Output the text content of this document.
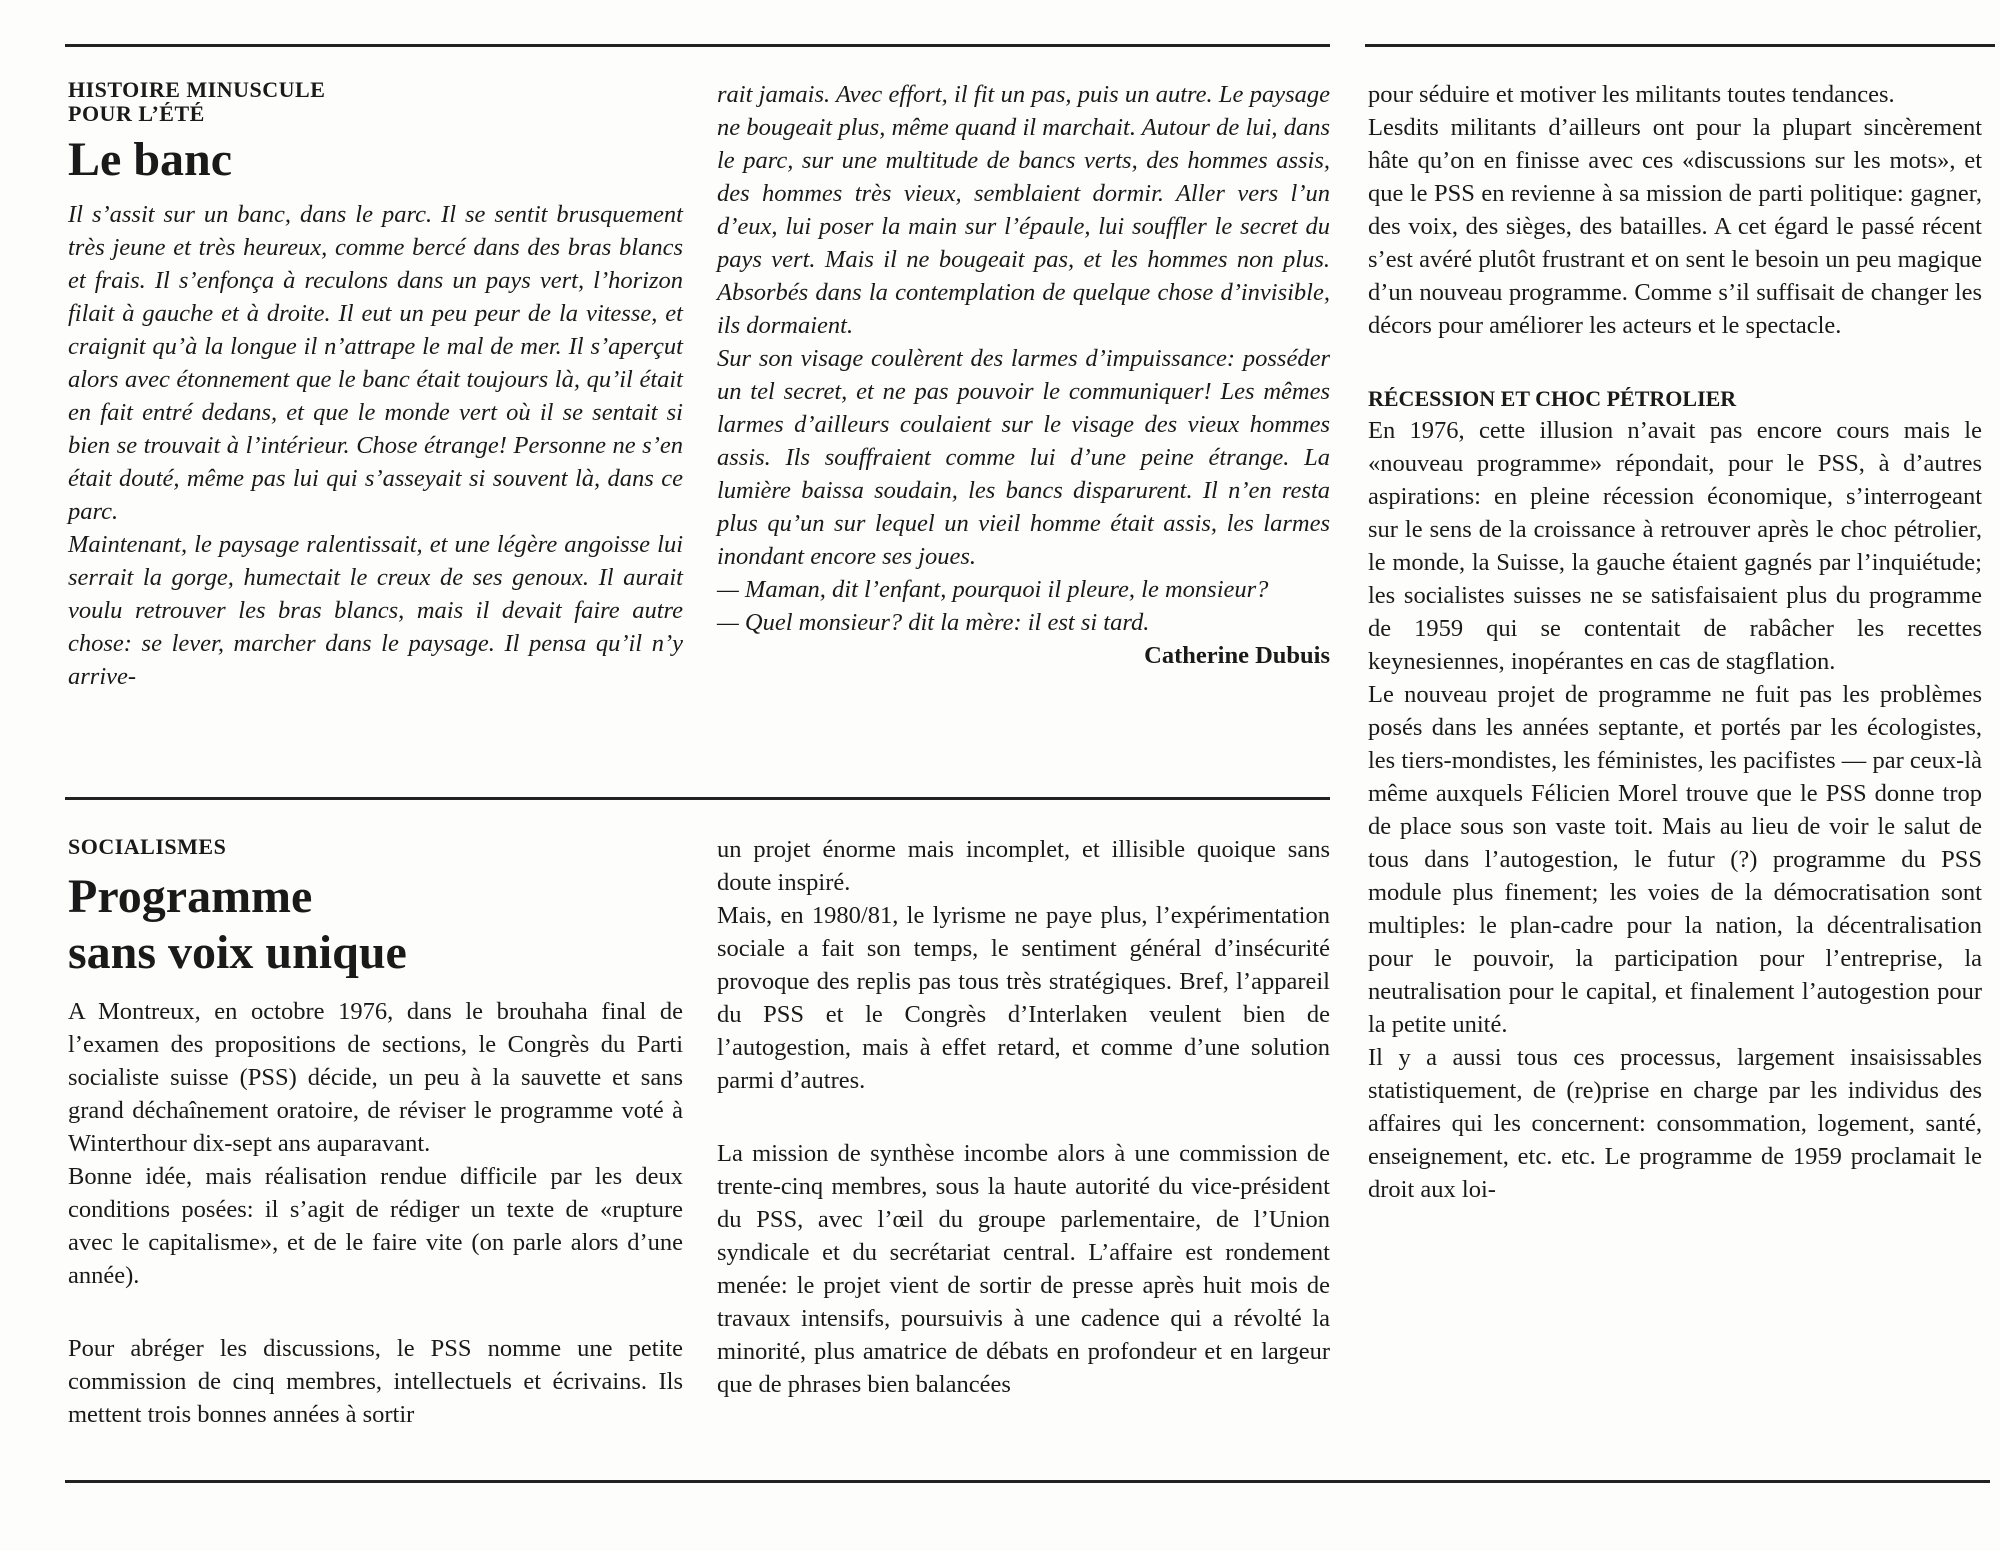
HISTOIRE MINUSCULE
POUR L’ÉTÉ
Le banc

Il s’assit sur un banc, dans le parc. Il se sentit brusquement très jeune et très heureux, comme bercé dans des bras blancs et frais. Il s’enfonça à reculons dans un pays vert, l’horizon filait à gauche et à droite. Il eut un peu peur de la vitesse, et craignit qu’à la longue il n’attrape le mal de mer. Il s’aperçut alors avec étonnement que le banc était toujours là, qu’il était en fait entré dedans, et que le monde vert où il se sentait si bien se trouvait à l’intérieur. Chose étrange! Personne ne s’en était douté, même pas lui qui s’asseyait si souvent là, dans ce parc.

Maintenant, le paysage ralentissait, et une légère angoisse lui serrait la gorge, humectait le creux de ses genoux. Il aurait voulu retrouver les bras blancs, mais il devait faire autre chose: se lever, marcher dans le paysage. Il pensa qu’il n’y arrive-

rait jamais. Avec effort, il fit un pas, puis un autre. Le paysage ne bougeait plus, même quand il marchait. Autour de lui, dans le parc, sur une multitude de bancs verts, des hommes assis, des hommes très vieux, semblaient dormir. Aller vers l’un d’eux, lui poser la main sur l’épaule, lui souffler le secret du pays vert. Mais il ne bougeait pas, et les hommes non plus. Absorbés dans la contemplation de quelque chose d’invisible, ils dormaient.

Sur son visage coulèrent des larmes d’impuissance: posséder un tel secret, et ne pas pouvoir le communiquer! Les mêmes larmes d’ailleurs coulaient sur le visage des vieux hommes assis. Ils souffraient comme lui d’une peine étrange. La lumière baissa soudain, les bancs disparurent. Il n’en resta plus qu’un sur lequel un vieil homme était assis, les larmes inondant encore ses joues.

— Maman, dit l’enfant, pourquoi il pleure, le monsieur?

— Quel monsieur? dit la mère: il est si tard.

Catherine Dubuis

SOCIALISMES
Programme
sans voix unique

A Montreux, en octobre 1976, dans le brouhaha final de l’examen des propositions de sections, le Congrès du Parti socialiste suisse (PSS) décide, un peu à la sauvette et sans grand déchaînement oratoire, de réviser le programme voté à Winterthour dix-sept ans auparavant.

Bonne idée, mais réalisation rendue difficile par les deux conditions posées: il s’agit de rédiger un texte de «rupture avec le capitalisme», et de le faire vite (on parle alors d’une année).

Pour abréger les discussions, le PSS nomme une petite commission de cinq membres, intellectuels et écrivains. Ils mettent trois bonnes années à sortir

un projet énorme mais incomplet, et illisible quoique sans doute inspiré.

Mais, en 1980/81, le lyrisme ne paye plus, l’expérimentation sociale a fait son temps, le sentiment général d’insécurité provoque des replis pas tous très stratégiques. Bref, l’appareil du PSS et le Congrès d’Interlaken veulent bien de l’autogestion, mais à effet retard, et comme d’une solution parmi d’autres.

La mission de synthèse incombe alors à une commission de trente-cinq membres, sous la haute autorité du vice-président du PSS, avec l’œil du groupe parlementaire, de l’Union syndicale et du secrétariat central. L’affaire est rondement menée: le projet vient de sortir de presse après huit mois de travaux intensifs, poursuivis à une cadence qui a révolté la minorité, plus amatrice de débats en profondeur et en largeur que de phrases bien balancées

pour séduire et motiver les militants toutes tendances.

Lesdits militants d’ailleurs ont pour la plupart sincèrement hâte qu’on en finisse avec ces «discussions sur les mots», et que le PSS en revienne à sa mission de parti politique: gagner, des voix, des sièges, des batailles. A cet égard le passé récent s’est avéré plutôt frustrant et on sent le besoin un peu magique d’un nouveau programme. Comme s’il suffisait de changer les décors pour améliorer les acteurs et le spectacle.

RÉCESSION ET CHOC PÉTROLIER

En 1976, cette illusion n’avait pas encore cours mais le «nouveau programme» répondait, pour le PSS, à d’autres aspirations: en pleine récession économique, s’interrogeant sur le sens de la croissance à retrouver après le choc pétrolier, le monde, la Suisse, la gauche étaient gagnés par l’inquiétude; les socialistes suisses ne se satisfaisaient plus du programme de 1959 qui se contentait de rabâcher les recettes keynesiennes, inopérantes en cas de stagflation.

Le nouveau projet de programme ne fuit pas les problèmes posés dans les années septante, et portés par les écologistes, les tiers-mondistes, les féministes, les pacifistes — par ceux-là même auxquels Félicien Morel trouve que le PSS donne trop de place sous son vaste toit. Mais au lieu de voir le salut de tous dans l’autogestion, le futur (?) programme du PSS module plus finement; les voies de la démocratisation sont multiples: le plan-cadre pour la nation, la décentralisation pour le pouvoir, la participation pour l’entreprise, la neutralisation pour le capital, et finalement l’autogestion pour la petite unité.

Il y a aussi tous ces processus, largement insaisissables statistiquement, de (re)prise en charge par les individus des affaires qui les concernent: consommation, logement, santé, enseignement, etc. etc. Le programme de 1959 proclamait le droit aux loi-
